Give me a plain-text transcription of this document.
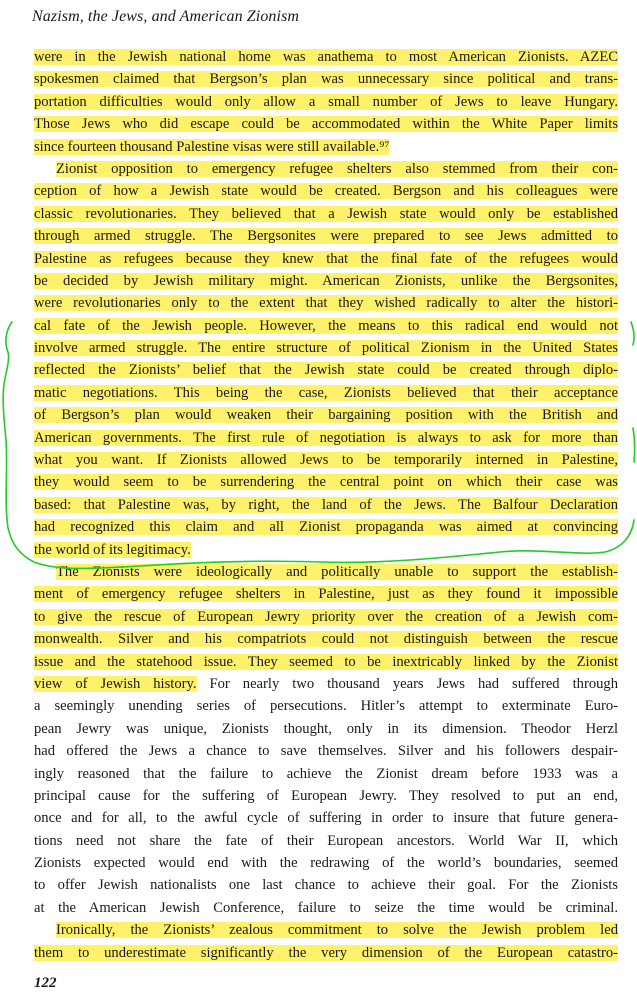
Nazism, the Jews, and American Zionism
were in the Jewish national home was anathema to most American Zionists. AZEC
spokesmen claimed that Bergson’s plan was unnecessary since political and trans-
portation difficulties would only allow a small number of Jews to leave Hungary.
Those Jews who did escape could be accommodated within the White Paper limits
since fourteen thousand Palestine visas were still available.⁹⁷
Zionist opposition to emergency refugee shelters also stemmed from their con-
ception of how a Jewish state would be created. Bergson and his colleagues were
classic revolutionaries. They believed that a Jewish state would only be established
through armed struggle. The Bergsonites were prepared to see Jews admitted to
Palestine as refugees because they knew that the final fate of the refugees would
be decided by Jewish military might. American Zionists, unlike the Bergsonites,
were revolutionaries only to the extent that they wished radically to alter the histori-
cal fate of the Jewish people. However, the means to this radical end would not
involve armed struggle. The entire structure of political Zionism in the United States
reflected the Zionists’ belief that the Jewish state could be created through diplo-
matic negotiations. This being the case, Zionists believed that their acceptance
of Bergson’s plan would weaken their bargaining position with the British and
American governments. The first rule of negotiation is always to ask for more than
what you want. If Zionists allowed Jews to be temporarily interned in Palestine,
they would seem to be surrendering the central point on which their case was
based: that Palestine was, by right, the land of the Jews. The Balfour Declaration
had recognized this claim and all Zionist propaganda was aimed at convincing
the world of its legitimacy.
The Zionists were ideologically and politically unable to support the establish-
ment of emergency refugee shelters in Palestine, just as they found it impossible
to give the rescue of European Jewry priority over the creation of a Jewish com-
monwealth. Silver and his compatriots could not distinguish between the rescue
issue and the statehood issue. They seemed to be inextricably linked by the Zionist
view of Jewish history. For nearly two thousand years Jews had suffered through
a seemingly unending series of persecutions. Hitler’s attempt to exterminate Euro-
pean Jewry was unique, Zionists thought, only in its dimension. Theodor Herzl
had offered the Jews a chance to save themselves. Silver and his followers despair-
ingly reasoned that the failure to achieve the Zionist dream before 1933 was a
principal cause for the suffering of European Jewry. They resolved to put an end,
once and for all, to the awful cycle of suffering in order to insure that future genera-
tions need not share the fate of their European ancestors. World War II, which
Zionists expected would end with the redrawing of the world’s boundaries, seemed
to offer Jewish nationalists one last chance to achieve their goal. For the Zionists
at the American Jewish Conference, failure to seize the time would be criminal.
Ironically, the Zionists’ zealous commitment to solve the Jewish problem led
them to underestimate significantly the very dimension of the European catastro-
122
